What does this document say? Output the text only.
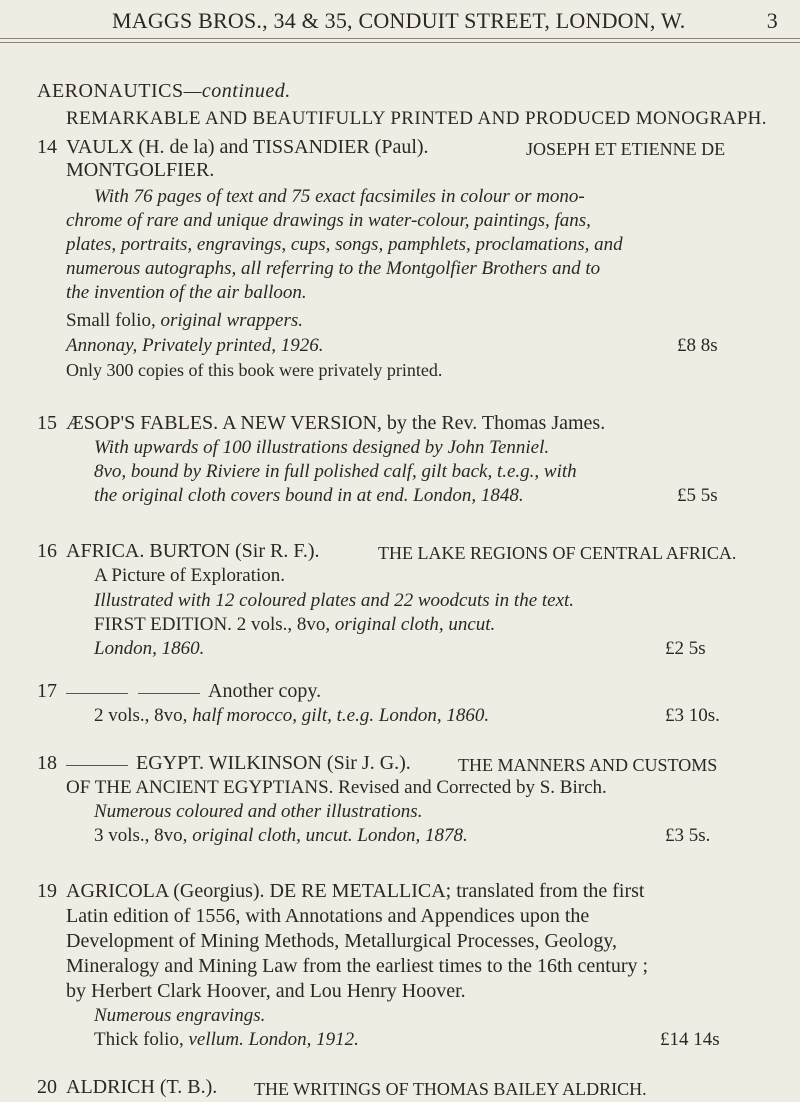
MAGGS BROS., 34 & 35, CONDUIT STREET, LONDON, W.	3
AERONAUTICS—continued.
REMARKABLE AND BEAUTIFULLY PRINTED AND PRODUCED MONOGRAPH.
14 VAULX (H. de la) and TISSANDIER (Paul).	JOSEPH ET ETIENNE DE
MONTGOLFIER.
With 76 pages of text and 75 exact facsimiles in colour or mono-
chrome of rare and unique drawings in water-colour, paintings, fans,
plates, portraits, engravings, cups, songs, pamphlets, proclamations, and
numerous autographs, all referring to the Montgolfier Brothers and to
the invention of the air balloon.
Small folio, original wrappers.
Annonay, Privately printed, 1926.	£8 8s
Only 300 copies of this book were privately printed.
15 ÆSOP'S FABLES. A NEW VERSION, by the Rev. Thomas James.
With upwards of 100 illustrations designed by John Tenniel.
8vo, bound by Riviere in full polished calf, gilt back, t.e.g., with
the original cloth covers bound in at end. London, 1848.	£5 5s
16 AFRICA. BURTON (Sir R. F.).	THE LAKE REGIONS OF CENTRAL AFRICA.
A Picture of Exploration.
Illustrated with 12 coloured plates and 22 woodcuts in the text.
FIRST EDITION. 2 vols., 8vo, original cloth, uncut.
London, 1860.	£2 5s
17	Another copy.
2 vols., 8vo, half morocco, gilt, t.e.g. London, 1860.	£3 10s.
18	EGYPT. WILKINSON (Sir J. G.).	THE MANNERS AND CUSTOMS
OF THE ANCIENT EGYPTIANS. Revised and Corrected by S. Birch.
Numerous coloured and other illustrations.
3 vols., 8vo, original cloth, uncut. London, 1878.	£3 5s.
19 AGRICOLA (Georgius). DE RE METALLICA; translated from the first
Latin edition of 1556, with Annotations and Appendices upon the
Development of Mining Methods, Metallurgical Processes, Geology,
Mineralogy and Mining Law from the earliest times to the 16th century ;
by Herbert Clark Hoover, and Lou Henry Hoover.
Numerous engravings.
Thick folio, vellum. London, 1912.	£14 14s
20 ALDRICH (T. B.). THE WRITINGS OF THOMAS BAILEY ALDRICH.
